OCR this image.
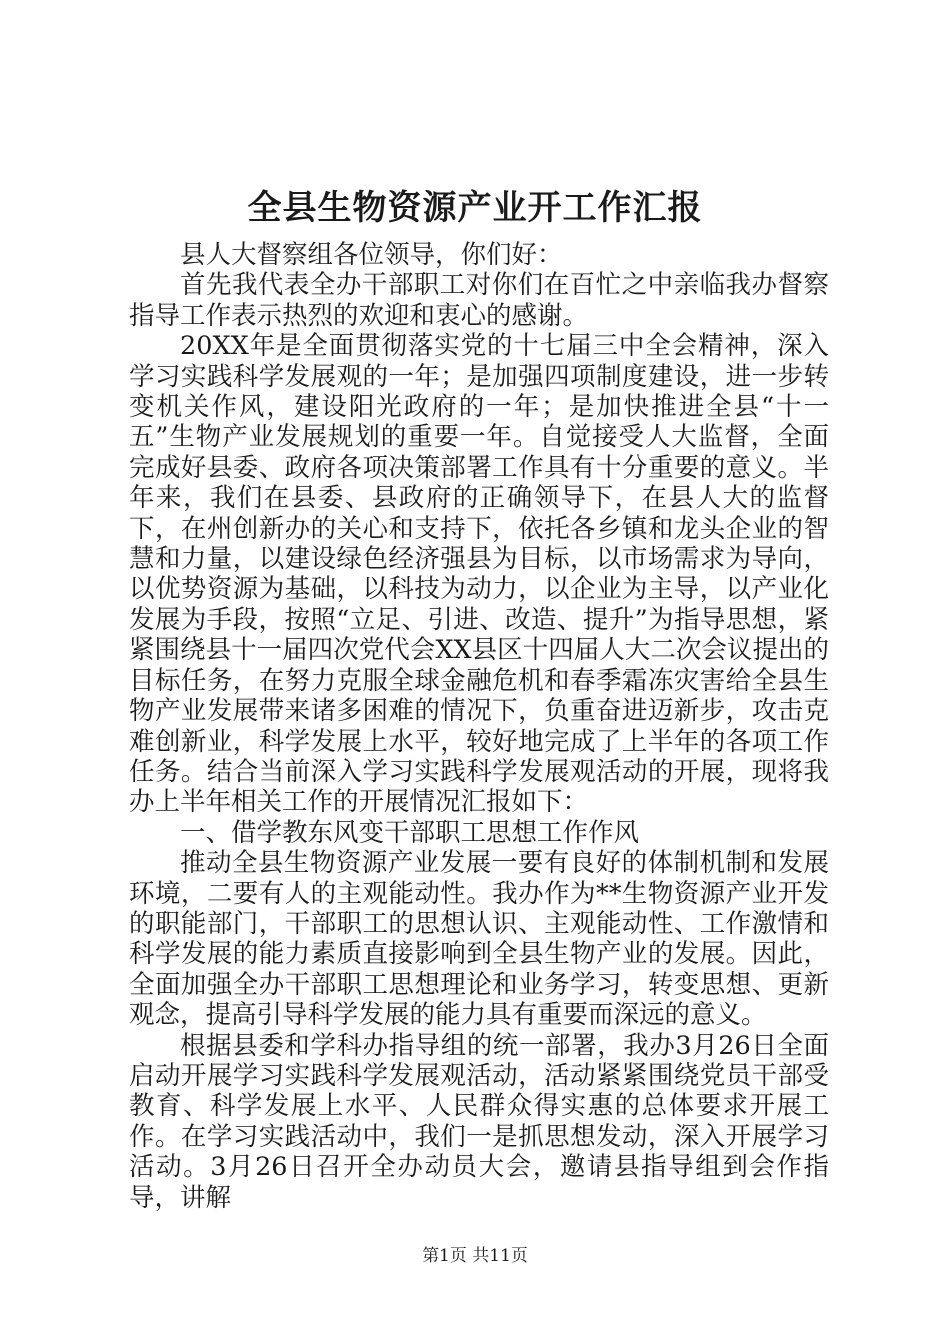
全县生物资源产业开工作汇报

县人大督察组各位领导，你们好：

首先我代表全办干部职工对你们在百忙之中亲临我办督察指导工作表示热烈的欢迎和衷心的感谢。

20XX年是全面贯彻落实党的十七届三中全会精神，深入学习实践科学发展观的一年；是加强四项制度建设，进一步转变机关作风，建设阳光政府的一年；是加快推进全县“十一五”生物产业发展规划的重要一年。自觉接受人大监督，全面完成好县委、政府各项决策部署工作具有十分重要的意义。半年来，我们在县委、县政府的正确领导下，在县人大的监督下，在州创新办的关心和支持下，依托各乡镇和龙头企业的智慧和力量，以建设绿色经济强县为目标，以市场需求为导向，以优势资源为基础，以科技为动力，以企业为主导，以产业化发展为手段，按照“立足、引进、改造、提升”为指导思想，紧紧围绕县十一届四次党代会XX县区十四届人大二次会议提出的目标任务，在努力克服全球金融危机和春季霜冻灾害给全县生物产业发展带来诸多困难的情况下，负重奋进迈新步，攻击克难创新业，科学发展上水平，较好地完成了上半年的各项工作任务。结合当前深入学习实践科学发展观活动的开展，现将我办上半年相关工作的开展情况汇报如下：

一、借学教东风变干部职工思想工作作风

推动全县生物资源产业发展一要有良好的体制机制和发展环境，二要有人的主观能动性。我办作为**生物资源产业开发的职能部门，干部职工的思想认识、主观能动性、工作激情和科学发展的能力素质直接影响到全县生物产业的发展。因此，全面加强全办干部职工思想理论和业务学习，转变思想、更新观念，提高引导科学发展的能力具有重要而深远的意义。

根据县委和学科办指导组的统一部署，我办3月26日全面启动开展学习实践科学发展观活动，活动紧紧围绕党员干部受教育、科学发展上水平、人民群众得实惠的总体要求开展工作。在学习实践活动中，我们一是抓思想发动，深入开展学习活动。3月26日召开全办动员大会，邀请县指导组到会作指导，讲解

第1页 共11页
